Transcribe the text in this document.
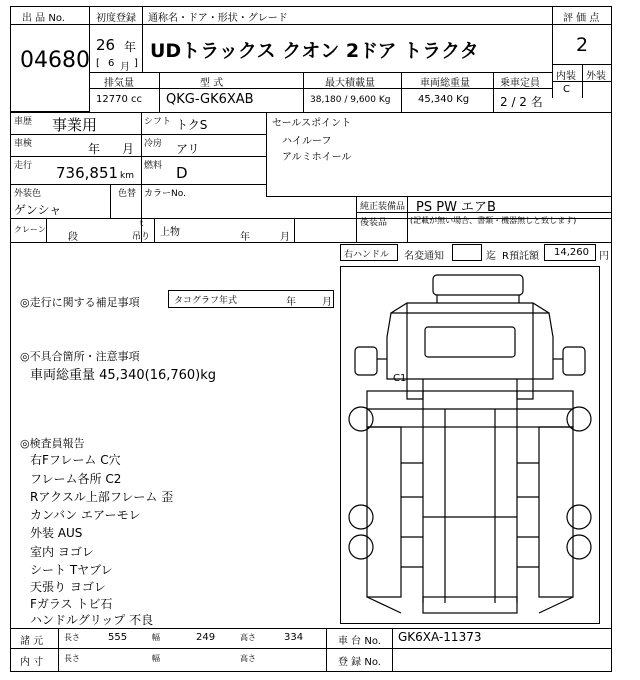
出 品 No.
04680
初度登録 通称名・ドア・形状・グレード
26 年
[ 6 月 ]
UDトラックス クオン 2ドア トラクタ
評 価 点
2
内装 外装
C
排気量	型 式	最大積載量	車両総重量	乗車定員
12770 cc QKG-GK6XAB	38,180 / 9,600 Kg	45,340 Kg	2 / 2 名
車歴 事業用	シフト トクS
車検	年 月 冷房 アリ
走行 736,851 km
燃料 D
外装色
ゲンシャ
色替 カラーNo.
セールスポイント
ハイルーフ
アルミホイール
純正装備品 PS PW エアB
後装品	(記載が無い場合、書類・機器無しと致します)
クレーン
段
t
吊り 上物	年	月
右ハンドル 名変通知	迄 R預託額 14,260 円
◎走行に関する補足事項	タコグラフ年式	年	月
◎不具合箇所・注意事項
車両総重量 45,340(16,760)kg
◎検査員報告
右Fフレーム C穴
フレーム各所 C2
Rアクスル上部フレーム 歪
カンバン エアーモレ
外装 AUS
室内 ヨゴレ
シート Tヤブレ
天張り ヨゴレ
Fガラス トビ石
ハンドルグリップ 不良
C1
諸 元	長さ	555	幅	249	高さ	334	車 台 No. GK6XA-11373
内 寸	長さ	幅	高さ	登 録 No.
